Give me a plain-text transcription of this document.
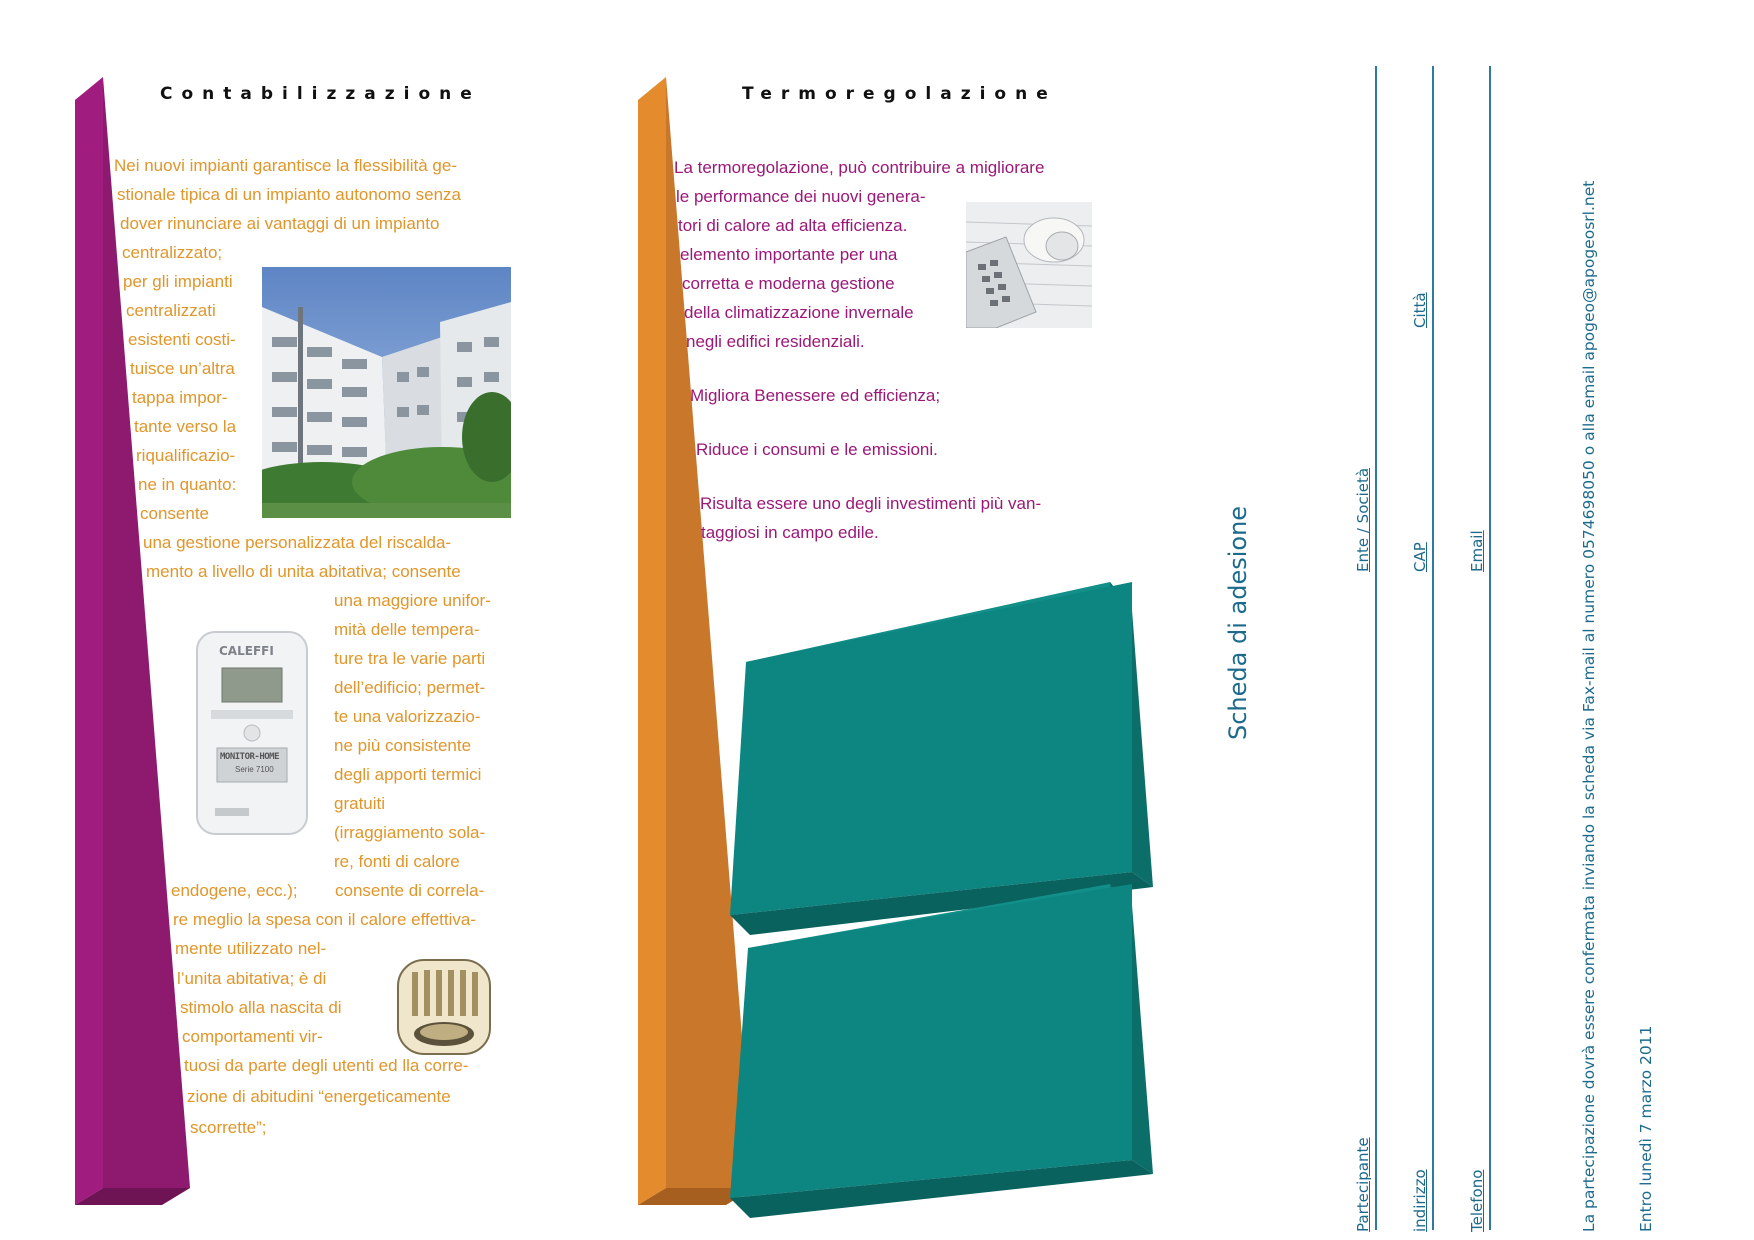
Contabilizzazione
Nei nuovi impianti garantisce la flessibilità ge-
stionale tipica di un impianto autonomo senza
dover rinunciare ai vantaggi di un impianto
centralizzato;
per gli impianti
centralizzati
esistenti costi-
tuisce un’altra
tappa impor-
tante verso la
riqualificazio-
ne in quanto:
consente
una gestione personalizzata del riscalda-
mento a livello di unita abitativa; consente
una maggiore unifor-
mità delle tempera-
ture tra le varie parti
dell’edificio; permet-
te una valorizzazio-
ne più consistente
degli apporti termici
gratuiti
(irraggiamento sola-
re, fonti di calore
endogene, ecc.); consente di correla-
re meglio la spesa con il calore effettiva-
mente utilizzato nel-
l’unita abitativa; è di
stimolo alla nascita di
comportamenti vir-
tuosi da parte degli utenti ed lla corre-
zione di abitudini “energeticamente
scorrette”;
CALEFFI
MONITOR-HOME
Serie 7100
Termoregolazione
La termoregolazione, può contribuire a migliorare
le performance dei nuovi genera-
tori di calore ad alta efficienza.
elemento importante per una
corretta e moderna gestione
della climatizzazione invernale
negli edifici residenziali.
Migliora Benessere ed efficienza;
Riduce i consumi e le emissioni.
Risulta essere uno degli investimenti più van-
taggiosi in campo edile.	Scheda di adesione
Partecipante
Ente / Società
indirizzo
CAP
Città
Telefono
Email	La partecipazione dovrà essere confermata inviando la scheda via Fax-mail al numero 0574698050 o alla email apogeo@apogeosrl.net	Entro lunedì 7 marzo 2011
